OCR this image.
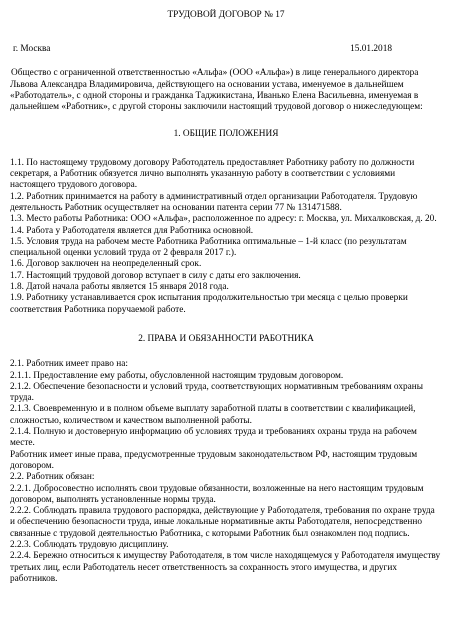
ТРУДОВОЙ ДОГОВОР № 17
г. Москва	15.01.2018

Общество с ограниченной ответственностью «Альфа» (ООО «Альфа») в лице генерального директора Львова Александра Владимировича, действующего на основании устава, именуемое в дальнейшем «Работодатель», с одной стороны и гражданка Таджикистана, Иванько Елена Васильевна, именуемая в дальнейшем «Работник», с другой стороны заключили настоящий трудовой договор о нижеследующем:

1. ОБЩИЕ ПОЛОЖЕНИЯ

1.1. По настоящему трудовому договору Работодатель предоставляет Работнику работу по должности секретаря, а Работник обязуется лично выполнять указанную работу в соответствии с условиями настоящего трудового договора.

1.2. Работник принимается на работу в административный отдел организации Работодателя. Трудовую деятельность Работник осуществляет на основании патента серии 77 № 131471588.

1.3. Место работы Работника: ООО «Альфа», расположенное по адресу: г. Москва, ул. Михалковская, д. 20.

1.4. Работа у Работодателя является для Работника основной.

1.5. Условия труда на рабочем месте Работника Работника оптимальные – 1-й класс (по результатам специальной оценки условий труда от 2 февраля 2017 г.).

1.6. Договор заключен на неопределенный срок.

1.7. Настоящий трудовой договор вступает в силу с даты его заключения.

1.8. Датой начала работы является 15 января 2018 года.

1.9. Работнику устанавливается срок испытания продолжительностью три месяца с целью проверки соответствия Работника поручаемой работе.

2. ПРАВА И ОБЯЗАННОСТИ РАБОТНИКА

2.1. Работник имеет право на:

2.1.1. Предоставление ему работы, обусловленной настоящим трудовым договором.

2.1.2. Обеспечение безопасности и условий труда, соответствующих нормативным требованиям охраны труда.

2.1.3. Своевременную и в полном объеме выплату заработной платы в соответствии с квалификацией, сложностью, количеством и качеством выполненной работы.

2.1.4. Полную и достоверную информацию об условиях труда и требованиях охраны труда на рабочем месте.

Работник имеет иные права, предусмотренные трудовым законодательством РФ, настоящим трудовым договором.

2.2. Работник обязан:

2.2.1. Добросовестно исполнять свои трудовые обязанности, возложенные на него настоящим трудовым договором, выполнять установленные нормы труда.

2.2.2. Соблюдать правила трудового распорядка, действующие у Работодателя, требования по охране труда и обеспечению безопасности труда, иные локальные нормативные акты Работодателя, непосредственно связанные с трудовой деятельностью Работника, с которыми Работник был ознакомлен под подпись.

2.2.3. Соблюдать трудовую дисциплину.

2.2.4. Бережно относиться к имуществу Работодателя, в том числе находящемуся у Работодателя имуществу третьих лиц, если Работодатель несет ответственность за сохранность этого имущества, и других работников.
